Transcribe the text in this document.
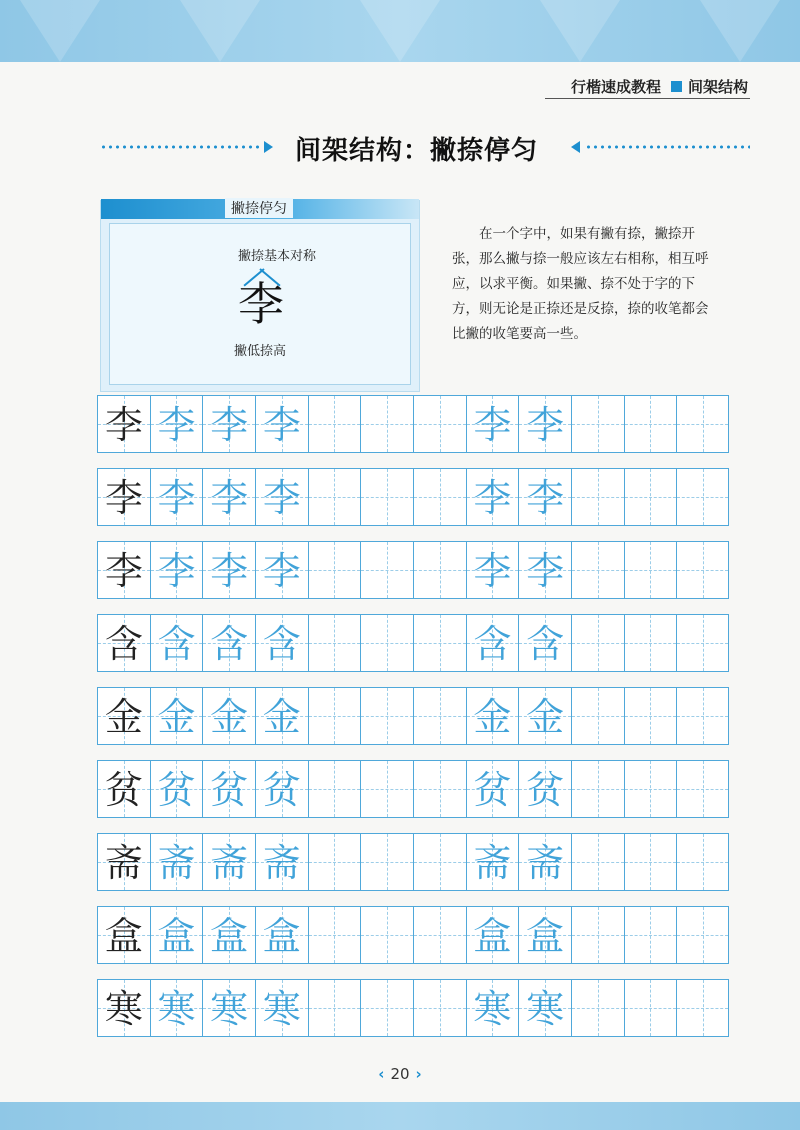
行楷速成教程 间架结构
间架结构：撇捺停匀
撇捺停匀
撇捺基本对称
李
撇低捺高
在一个字中，如果有撇有捺，撇捺开张，那么撇与捺一般应该左右相称，相互呼应，以求平衡。如果撇、捺不处于字的下方，则无论是正捺还是反捺，捺的收笔都会比撇的收笔要高一些。
李 李 李 李	李 李
李 李 李 李	李 李
李 李 李 李	李 李
含 含 含 含	含 含
金 金 金 金	金 金
贫 贫 贫 贫	贫 贫
斋 斋 斋 斋	斋 斋
盒 盒 盒 盒	盒 盒
寒 寒 寒 寒	寒 寒
‹ 20 ›
